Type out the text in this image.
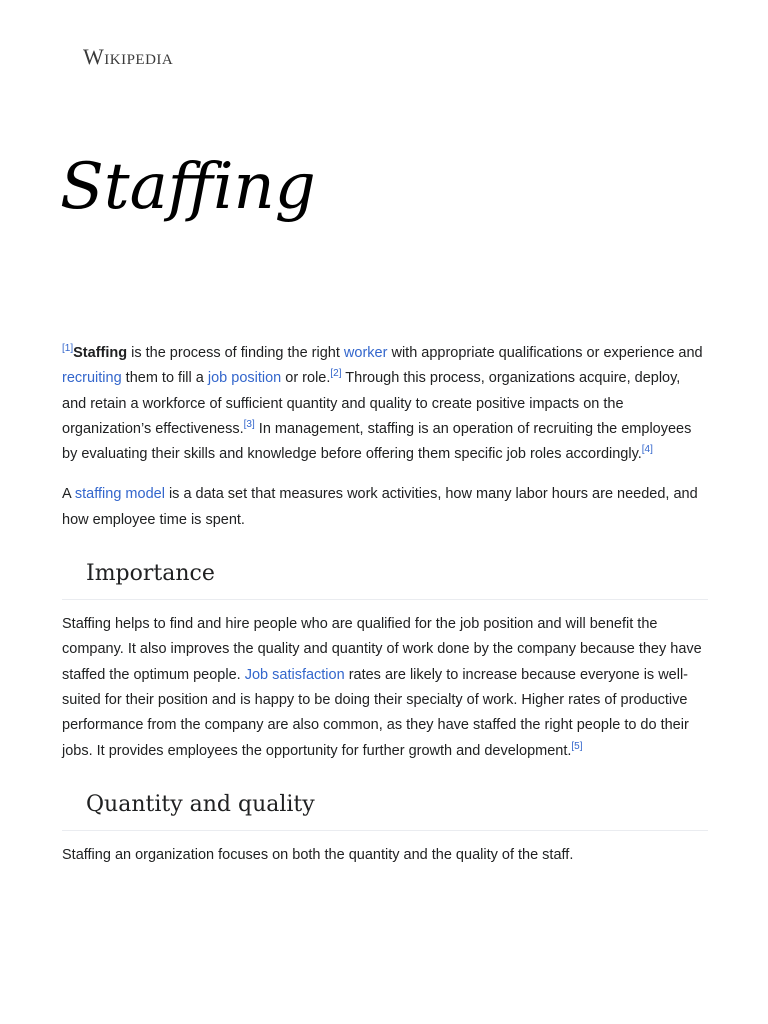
Wikipedia
Staffing

[1]Staffing is the process of finding the right worker with appropriate qualifications or experience and recruiting them to fill a job position or role.[2] Through this process, organizations acquire, deploy, and retain a workforce of sufficient quantity and quality to create positive impacts on the organization’s effectiveness.[3] In management, staffing is an operation of recruiting the employees by evaluating their skills and knowledge before offering them specific job roles accordingly.[4]

A staffing model is a data set that measures work activities, how many labor hours are needed, and how employee time is spent.

Importance

Staffing helps to find and hire people who are qualified for the job position and will benefit the company. It also improves the quality and quantity of work done by the company because they have staffed the optimum people. Job satisfaction rates are likely to increase because everyone is well-suited for their position and is happy to be doing their specialty of work. Higher rates of productive performance from the company are also common, as they have staffed the right people to do their jobs. It provides employees the opportunity for further growth and development.[5]

Quantity and quality

Staffing an organization focuses on both the quantity and the quality of the staff.
